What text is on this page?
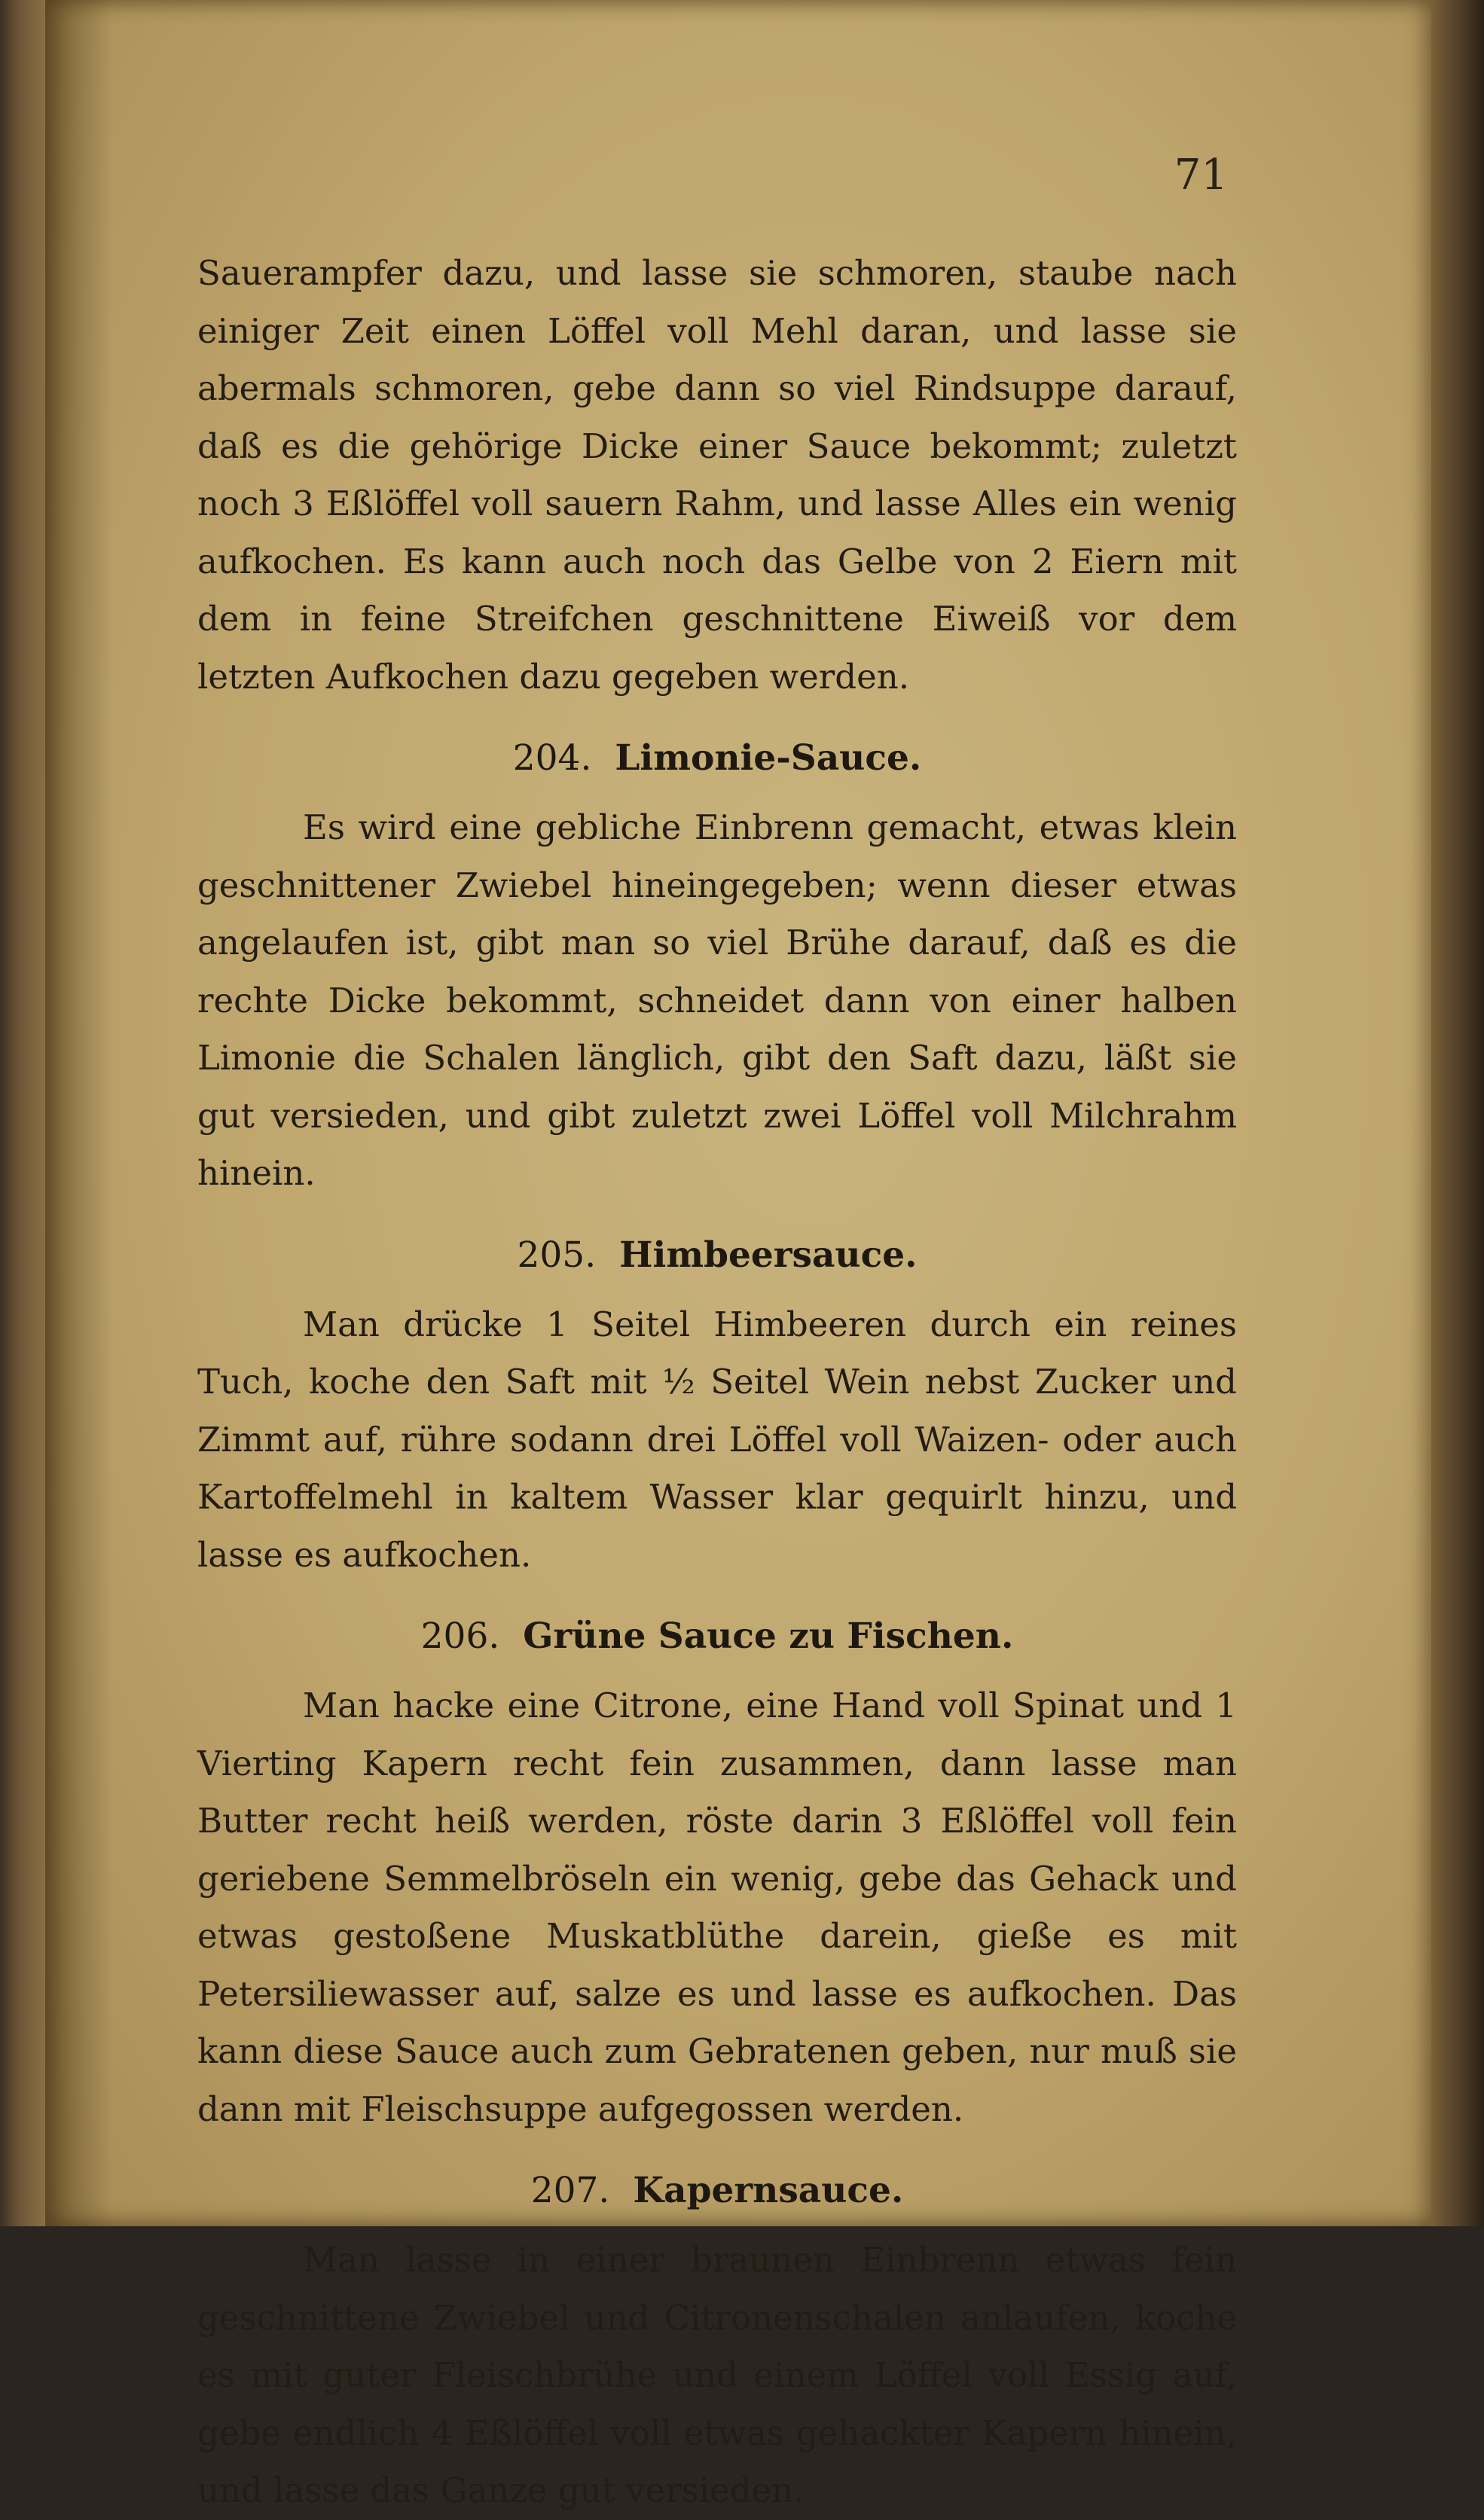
71

Sauerampfer dazu, und lasse sie schmoren, staube nach einiger Zeit einen Löffel voll Mehl daran, und lasse sie abermals schmoren, gebe dann so viel Rindsuppe darauf, daß es die gehörige Dicke einer Sauce bekommt; zuletzt noch 3 Eßlöffel voll sauern Rahm, und lasse Alles ein wenig aufkochen. Es kann auch noch das Gelbe von 2 Eiern mit dem in feine Streifchen geschnittene Eiweiß vor dem letzten Aufkochen dazu gegeben werden.

204. Limonie-Sauce.

Es wird eine gebliche Einbrenn gemacht, etwas klein geschnittener Zwiebel hineingegeben; wenn dieser etwas angelaufen ist, gibt man so viel Brühe darauf, daß es die rechte Dicke bekommt, schneidet dann von einer halben Limonie die Schalen länglich, gibt den Saft dazu, läßt sie gut versieden, und gibt zuletzt zwei Löffel voll Milchrahm hinein.

205. Himbeersauce.

Man drücke 1 Seitel Himbeeren durch ein reines Tuch, koche den Saft mit ½ Seitel Wein nebst Zucker und Zimmt auf, rühre sodann drei Löffel voll Waizen- oder auch Kartoffelmehl in kaltem Wasser klar gequirlt hinzu, und lasse es aufkochen.

206. Grüne Sauce zu Fischen.

Man hacke eine Citrone, eine Hand voll Spinat und 1 Vierting Kapern recht fein zusammen, dann lasse man Butter recht heiß werden, röste darin 3 Eßlöffel voll fein geriebene Semmelbröseln ein wenig, gebe das Gehack und etwas gestoßene Muskatblüthe darein, gieße es mit Petersiliewasser auf, salze es und lasse es aufkochen. Das kann diese Sauce auch zum Gebratenen geben, nur muß sie dann mit Fleischsuppe aufgegossen werden.

207. Kapernsauce.

Man lasse in einer braunen Einbrenn etwas fein geschnittene Zwiebel und Citronenschalen anlaufen, koche es mit guter Fleischbrühe und einem Löffel voll Essig auf, gebe endlich 4 Eßlöffel voll etwas gehackter Kapern hinein, und lasse das Ganze gut versieden.
